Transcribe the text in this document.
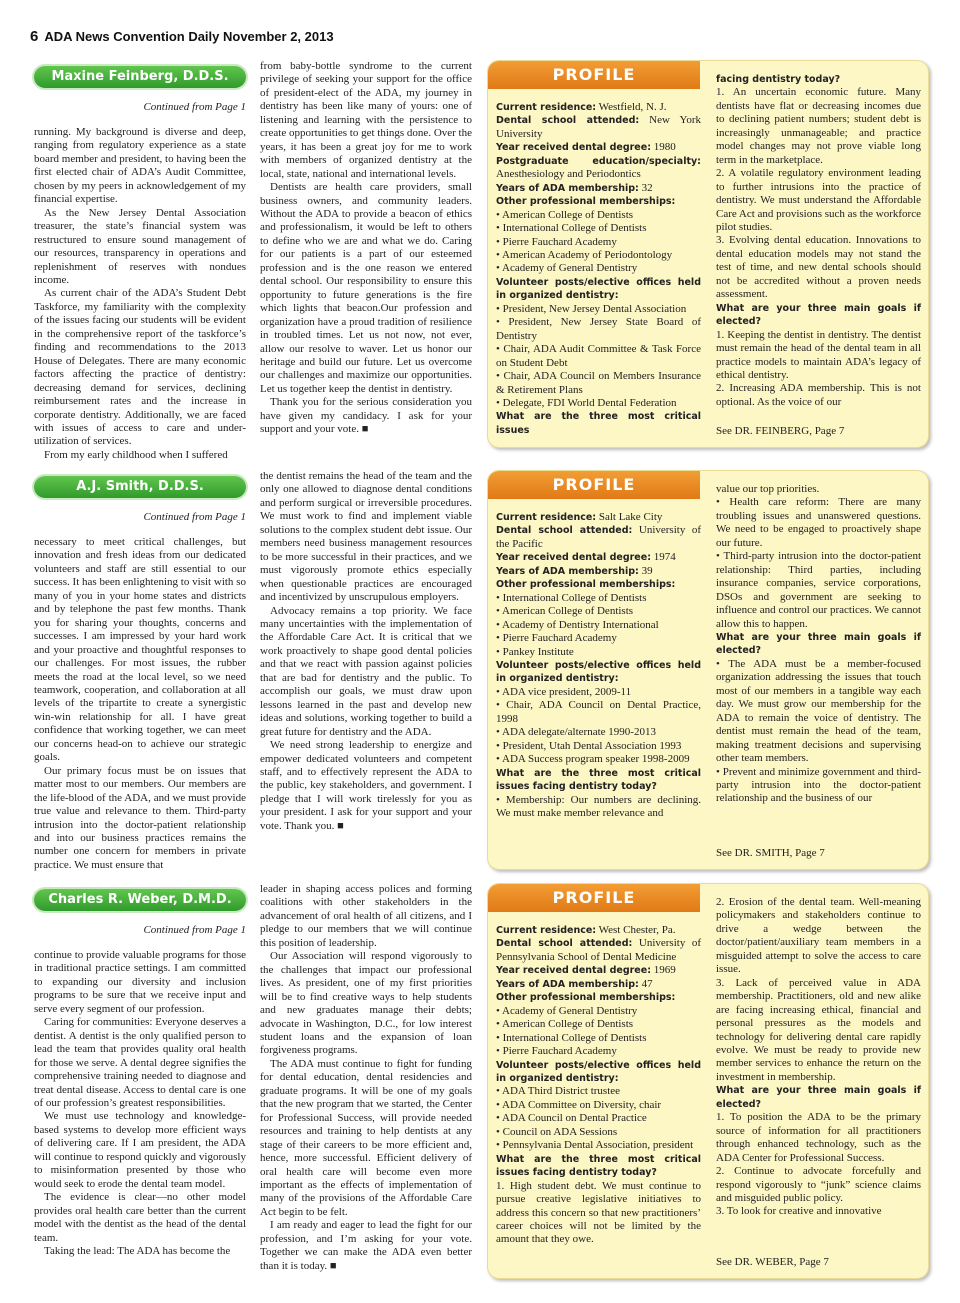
6 ADA News Convention Daily November 2, 2013
Maxine Feinberg, D.D.S.
Continued from Page 1

running. My background is diverse and deep, ranging from regulatory experience as a state board member and president, to having been the first elected chair of ADA’s Audit Committee, chosen by my peers in acknowledgement of my financial expertise.

As the New Jersey Dental Association treasurer, the state’s financial system was restructured to ensure sound management of our resources, transparency in operations and replenishment of reserves with nondues income.

As current chair of the ADA’s Student Debt Taskforce, my familiarity with the complexity of the issues facing our students will be evident in the comprehensive report of the taskforce’s finding and recommendations to the 2013 House of Delegates. There are many economic factors affecting the practice of dentistry: decreasing demand for services, declining reimbursement rates and the increase in corporate dentistry. Additionally, we are faced with issues of access to care and under-utilization of services.

From my early childhood when I suffered

from baby-bottle syndrome to the current privilege of seeking your support for the office of president-elect of the ADA, my journey in dentistry has been like many of yours: one of listening and learning with the persistence to create opportunities to get things done. Over the years, it has been a great joy for me to work with members of organized dentistry at the local, state, national and international levels.

Dentists are health care providers, small business owners, and community leaders. Without the ADA to provide a beacon of ethics and professionalism, it would be left to others to define who we are and what we do. Caring for our patients is a part of our esteemed profession and is the one reason we entered dental school. Our responsibility to ensure this opportunity to future generations is the fire which lights that beacon.Our profession and organization have a proud tradition of resilience in troubled times. Let us not now, not ever, allow our resolve to waver. Let us honor our heritage and build our future. Let us overcome our challenges and maximize our opportunities. Let us together keep the dentist in dentistry.

Thank you for the serious consideration you have given my candidacy. I ask for your support and your vote. ■

PROFILE
Current residence: Westfield, N. J.
Dental school attended: New York University
Year received dental degree: 1980
Postgraduate education/specialty: Anesthesiology and Periodontics
Years of ADA membership: 32
Other professional memberships:
• American College of Dentists
• International College of Dentists
• Pierre Fauchard Academy
• American Academy of Periodontology
• Academy of General Dentistry
Volunteer posts/elective offices held in organized dentistry:
• President, New Jersey Dental Association
• President, New Jersey State Board of Dentistry
• Chair, ADA Audit Committee & Task Force on Student Debt
• Chair, ADA Council on Members Insurance & Retirement Plans
• Delegate, FDI World Dental Federation
What are the three most critical issues
facing dentistry today?
1. An uncertain economic future. Many dentists have flat or decreasing incomes due to declining patient numbers; student debt is increasingly unmanageable; and practice model changes may not prove viable long term in the marketplace.
2. A volatile regulatory environment leading to further intrusions into the practice of dentistry. We must understand the Affordable Care Act and provisions such as the workforce pilot studies.
3. Evolving dental education. Innovations to dental education models may not stand the test of time, and new dental schools should not be accredited without a proven needs assessment.
What are your three main goals if elected?
1. Keeping the dentist in dentistry. The dentist must remain the head of the dental team in all practice models to maintain ADA’s legacy of ethical dentistry.
2. Increasing ADA membership. This is not optional. As the voice of our
See DR. FEINBERG, Page 7
A.J. Smith, D.D.S.
Continued from Page 1

necessary to meet critical challenges, but innovation and fresh ideas from our dedicated volunteers and staff are still essential to our success. It has been enlightening to visit with so many of you in your home states and districts and by telephone the past few months. Thank you for sharing your thoughts, concerns and successes. I am impressed by your hard work and your proactive and thoughtful responses to our challenges. For most issues, the rubber meets the road at the local level, so we need teamwork, cooperation, and collaboration at all levels of the tripartite to create a synergistic win-win relationship for all. I have great confidence that working together, we can meet our concerns head-on to achieve our strategic goals.

Our primary focus must be on issues that matter most to our members. Our members are the life-blood of the ADA, and we must provide true value and relevance to them. Third-party intrusion into the doctor-patient relationship and into our business practices remains the number one concern for members in private practice. We must ensure that

the dentist remains the head of the team and the only one allowed to diagnose dental conditions and perform surgical or irreversible procedures. We must work to find and implement viable solutions to the complex student debt issue. Our members need business management resources to be more successful in their practices, and we must vigorously promote ethics especially when questionable practices are encouraged and incentivized by unscrupulous employers.

Advocacy remains a top priority. We face many uncertainties with the implementation of the Affordable Care Act. It is critical that we work proactively to shape good dental policies and that we react with passion against policies that are bad for dentistry and the public. To accomplish our goals, we must draw upon lessons learned in the past and develop new ideas and solutions, working together to build a great future for dentistry and the ADA.

We need strong leadership to energize and empower dedicated volunteers and competent staff, and to effectively represent the ADA to the public, key stakeholders, and government. I pledge that I will work tirelessly for you as your president. I ask for your support and your vote. Thank you. ■

PROFILE
Current residence: Salt Lake City
Dental school attended: University of the Pacific
Year received dental degree: 1974
Years of ADA membership: 39
Other professional memberships:
• International College of Dentists
• American College of Dentists
• Academy of Dentistry International
• Pierre Fauchard Academy
• Pankey Institute
Volunteer posts/elective offices held in organized dentistry:
• ADA vice president, 2009-11
• Chair, ADA Council on Dental Practice, 1998
• ADA delegate/alternate 1990-2013
• President, Utah Dental Association 1993
• ADA Success program speaker 1998-2009
What are the three most critical issues facing dentistry today?
• Membership: Our numbers are declining. We must make member relevance and
value our top priorities.
• Health care reform: There are many troubling issues and unanswered questions. We need to be engaged to proactively shape our future.
• Third-party intrusion into the doctor-patient relationship: Third parties, including insurance companies, service corporations, DSOs and government are seeking to influence and control our practices. We cannot allow this to happen.
What are your three main goals if elected?
• The ADA must be a member-focused organization addressing the issues that touch most of our members in a tangible way each day. We must grow our membership for the ADA to remain the voice of dentistry. The dentist must remain the head of the team, making treatment decisions and supervising other team members.
• Prevent and minimize government and third-party intrusion into the doctor-patient relationship and the business of our
See DR. SMITH, Page 7
Charles R. Weber, D.M.D.
Continued from Page 1

continue to provide valuable programs for those in traditional practice settings. I am committed to expanding our diversity and inclusion programs to be sure that we receive input and serve every segment of our profession.

Caring for communities: Everyone deserves a dentist. A dentist is the only qualified person to lead the team that provides quality oral health for those we serve. A dental degree signifies the comprehensive training needed to diagnose and treat dental disease. Access to dental care is one of our profession’s greatest responsibilities.

We must use technology and knowledge-based systems to develop more efficient ways of delivering care. If I am president, the ADA will continue to respond quickly and vigorously to misinformation presented by those who would seek to erode the dental team model.

The evidence is clear—no other model provides oral health care better than the current model with the dentist as the head of the dental team.

Taking the lead: The ADA has become the

leader in shaping access polices and forming coalitions with other stakeholders in the advancement of oral health of all citizens, and I pledge to our members that we will continue this position of leadership.

Our Association will respond vigorously to the challenges that impact our professional lives. As president, one of my first priorities will be to find creative ways to help students and new graduates manage their debts; advocate in Washington, D.C., for low interest student loans and the expansion of loan forgiveness programs.

The ADA must continue to fight for funding for dental education, dental residencies and graduate programs. It will be one of my goals that the new program that we started, the Center for Professional Success, will provide needed resources and training to help dentists at any stage of their careers to be more efficient and, hence, more successful. Efficient delivery of oral health care will become even more important as the effects of implementation of many of the provisions of the Affordable Care Act begin to be felt.

I am ready and eager to lead the fight for our profession, and I’m asking for your vote. Together we can make the ADA even better than it is today. ■

PROFILE
Current residence: West Chester, Pa.
Dental school attended: University of Pennsylvania School of Dental Medicine
Year received dental degree: 1969
Years of ADA membership: 47
Other professional memberships:
• Academy of General Dentistry
• American College of Dentists
• International College of Dentists
• Pierre Fauchard Academy
Volunteer posts/elective offices held in organized dentistry:
• ADA Third District trustee
• ADA Committee on Diversity, chair
• ADA Council on Dental Practice
• Council on ADA Sessions
• Pennsylvania Dental Association, president
What are the three most critical issues facing dentistry today?
1. High student debt. We must continue to pursue creative legislative initiatives to address this concern so that new practitioners’ career choices will not be limited by the amount that they owe.
2. Erosion of the dental team. Well-meaning policymakers and stakeholders continue to drive a wedge between the doctor/patient/auxiliary team members in a misguided attempt to solve the access to care issue.
3. Lack of perceived value in ADA membership. Practitioners, old and new alike are facing increasing ethical, financial and personal pressures as the models and technology for delivering dental care rapidly evolve. We must be ready to provide new member services to enhance the return on the investment in membership.
What are your three main goals if elected?
1. To position the ADA to be the primary source of information for all practitioners through enhanced technology, such as the ADA Center for Professional Success.
2. Continue to advocate forcefully and respond vigorously to “junk” science claims and misguided public policy.
3. To look for creative and innovative
See DR. WEBER, Page 7
